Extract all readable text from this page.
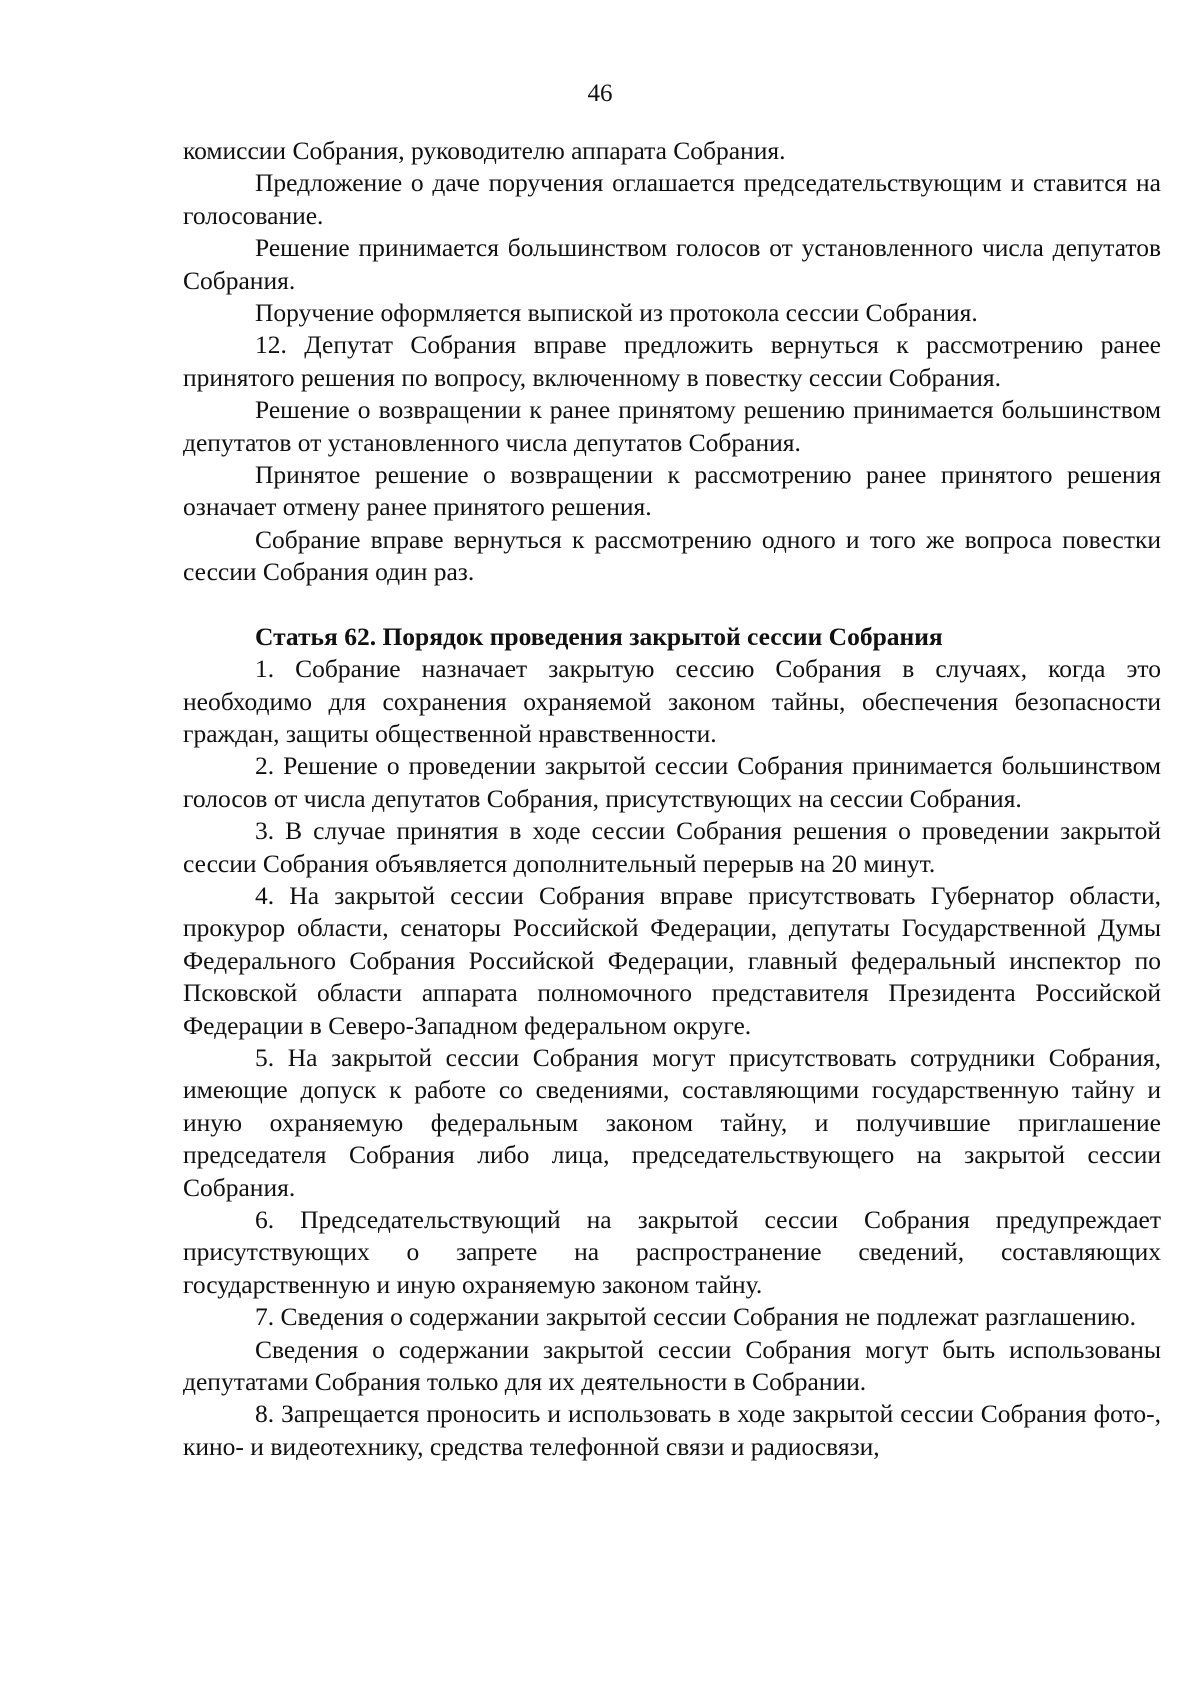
46

комиссии Собрания, руководителю аппарата Собрания.

Предложение о даче поручения оглашается председательствующим и ставится на голосование.

Решение принимается большинством голосов от установленного числа депутатов Собрания.

Поручение оформляется выпиской из протокола сессии Собрания.

12. Депутат Собрания вправе предложить вернуться к рассмотрению ранее принятого решения по вопросу, включенному в повестку сессии Собрания.

Решение о возвращении к ранее принятому решению принимается большинством депутатов от установленного числа депутатов Собрания.

Принятое решение о возвращении к рассмотрению ранее принятого решения означает отмену ранее принятого решения.

Собрание вправе вернуться к рассмотрению одного и того же вопроса повестки сессии Собрания один раз.

Статья 62. Порядок проведения закрытой сессии Собрания

1. Собрание назначает закрытую сессию Собрания в случаях, когда это необходимо для сохранения охраняемой законом тайны, обеспечения безопасности граждан, защиты общественной нравственности.

2. Решение о проведении закрытой сессии Собрания принимается большинством голосов от числа депутатов Собрания, присутствующих на сессии Собрания.

3. В случае принятия в ходе сессии Собрания решения о проведении закрытой сессии Собрания объявляется дополнительный перерыв на 20 минут.

4. На закрытой сессии Собрания вправе присутствовать Губернатор области, прокурор области, сенаторы Российской Федерации, депутаты Государственной Думы Федерального Собрания Российской Федерации, главный федеральный инспектор по Псковской области аппарата полномочного представителя Президента Российской Федерации в Северо-Западном федеральном округе.

5. На закрытой сессии Собрания могут присутствовать сотрудники Собрания, имеющие допуск к работе со сведениями, составляющими государственную тайну и иную охраняемую федеральным законом тайну, и получившие приглашение председателя Собрания либо лица, председательствующего на закрытой сессии Собрания.

6. Председательствующий на закрытой сессии Собрания предупреждает присутствующих о запрете на распространение сведений, составляющих государственную и иную охраняемую законом тайну.

7. Сведения о содержании закрытой сессии Собрания не подлежат разглашению.

Сведения о содержании закрытой сессии Собрания могут быть использованы депутатами Собрания только для их деятельности в Собрании.

8. Запрещается проносить и использовать в ходе закрытой сессии Собрания фото-, кино- и видеотехнику, средства телефонной связи и радиосвязи,
